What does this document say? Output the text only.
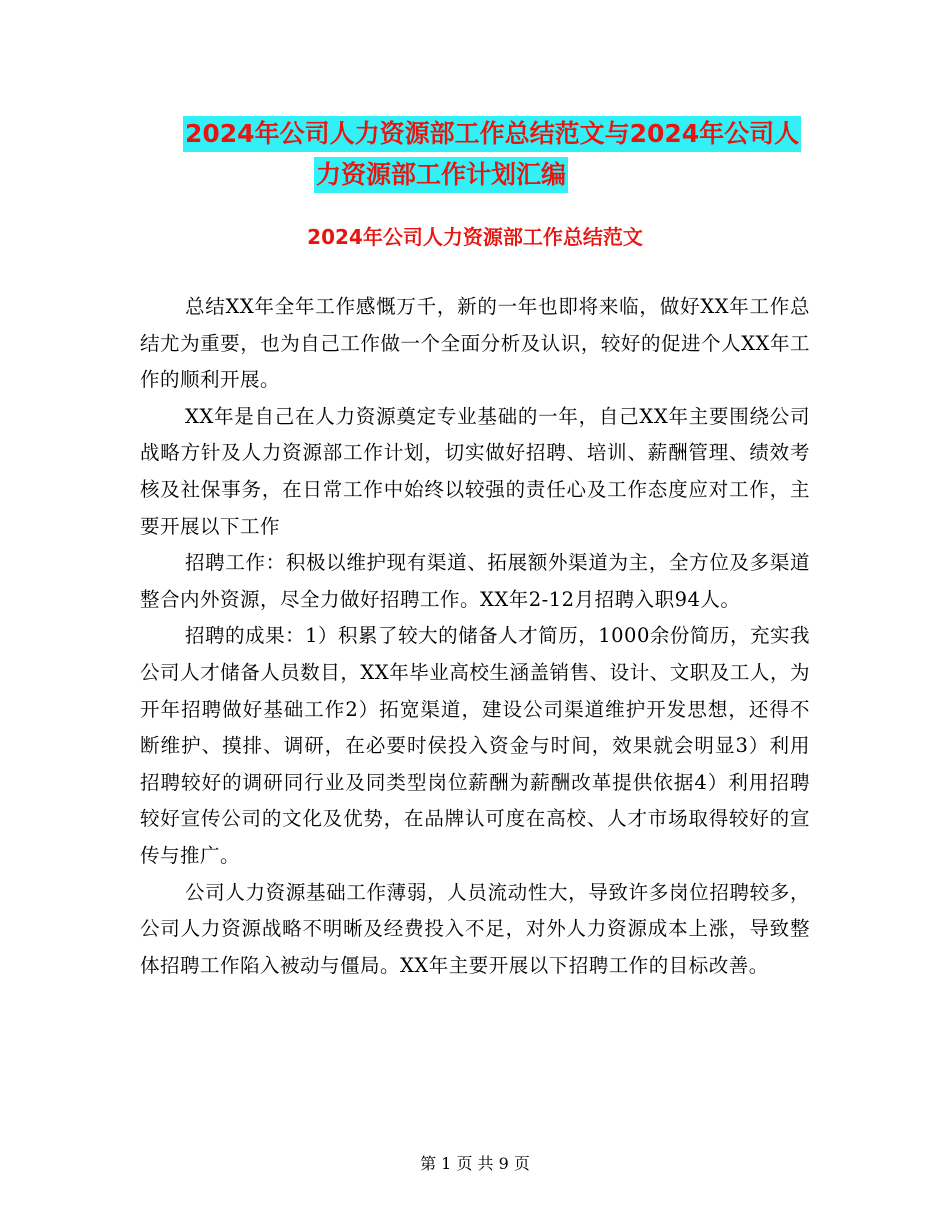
2024年公司人力资源部工作总结范文与2024年公司人
力资源部工作计划汇编
2024年公司人力资源部工作总结范文

总结XX年全年工作感慨万千，新的一年也即将来临，做好XX年工作总结尤为重要，也为自己工作做一个全面分析及认识，较好的促进个人XX年工作的顺利开展。

XX年是自己在人力资源奠定专业基础的一年，自己XX年主要围绕公司战略方针及人力资源部工作计划，切实做好招聘、培训、薪酬管理、绩效考核及社保事务，在日常工作中始终以较强的责任心及工作态度应对工作，主要开展以下工作

招聘工作：积极以维护现有渠道、拓展额外渠道为主，全方位及多渠道整合内外资源，尽全力做好招聘工作。XX年2-12月招聘入职94人。

招聘的成果：1）积累了较大的储备人才简历，1000余份简历，充实我公司人才储备人员数目，XX年毕业高校生涵盖销售、设计、文职及工人，为开年招聘做好基础工作2）拓宽渠道，建设公司渠道维护开发思想，还得不断维护、摸排、调研，在必要时侯投入资金与时间，效果就会明显3）利用招聘较好的调研同行业及同类型岗位薪酬为薪酬改革提供依据4）利用招聘较好宣传公司的文化及优势，在品牌认可度在高校、人才市场取得较好的宣传与推广。

公司人力资源基础工作薄弱，人员流动性大，导致许多岗位招聘较多，公司人力资源战略不明晰及经费投入不足，对外人力资源成本上涨，导致整体招聘工作陷入被动与僵局。XX年主要开展以下招聘工作的目标改善。

第 1 页 共 9 页
